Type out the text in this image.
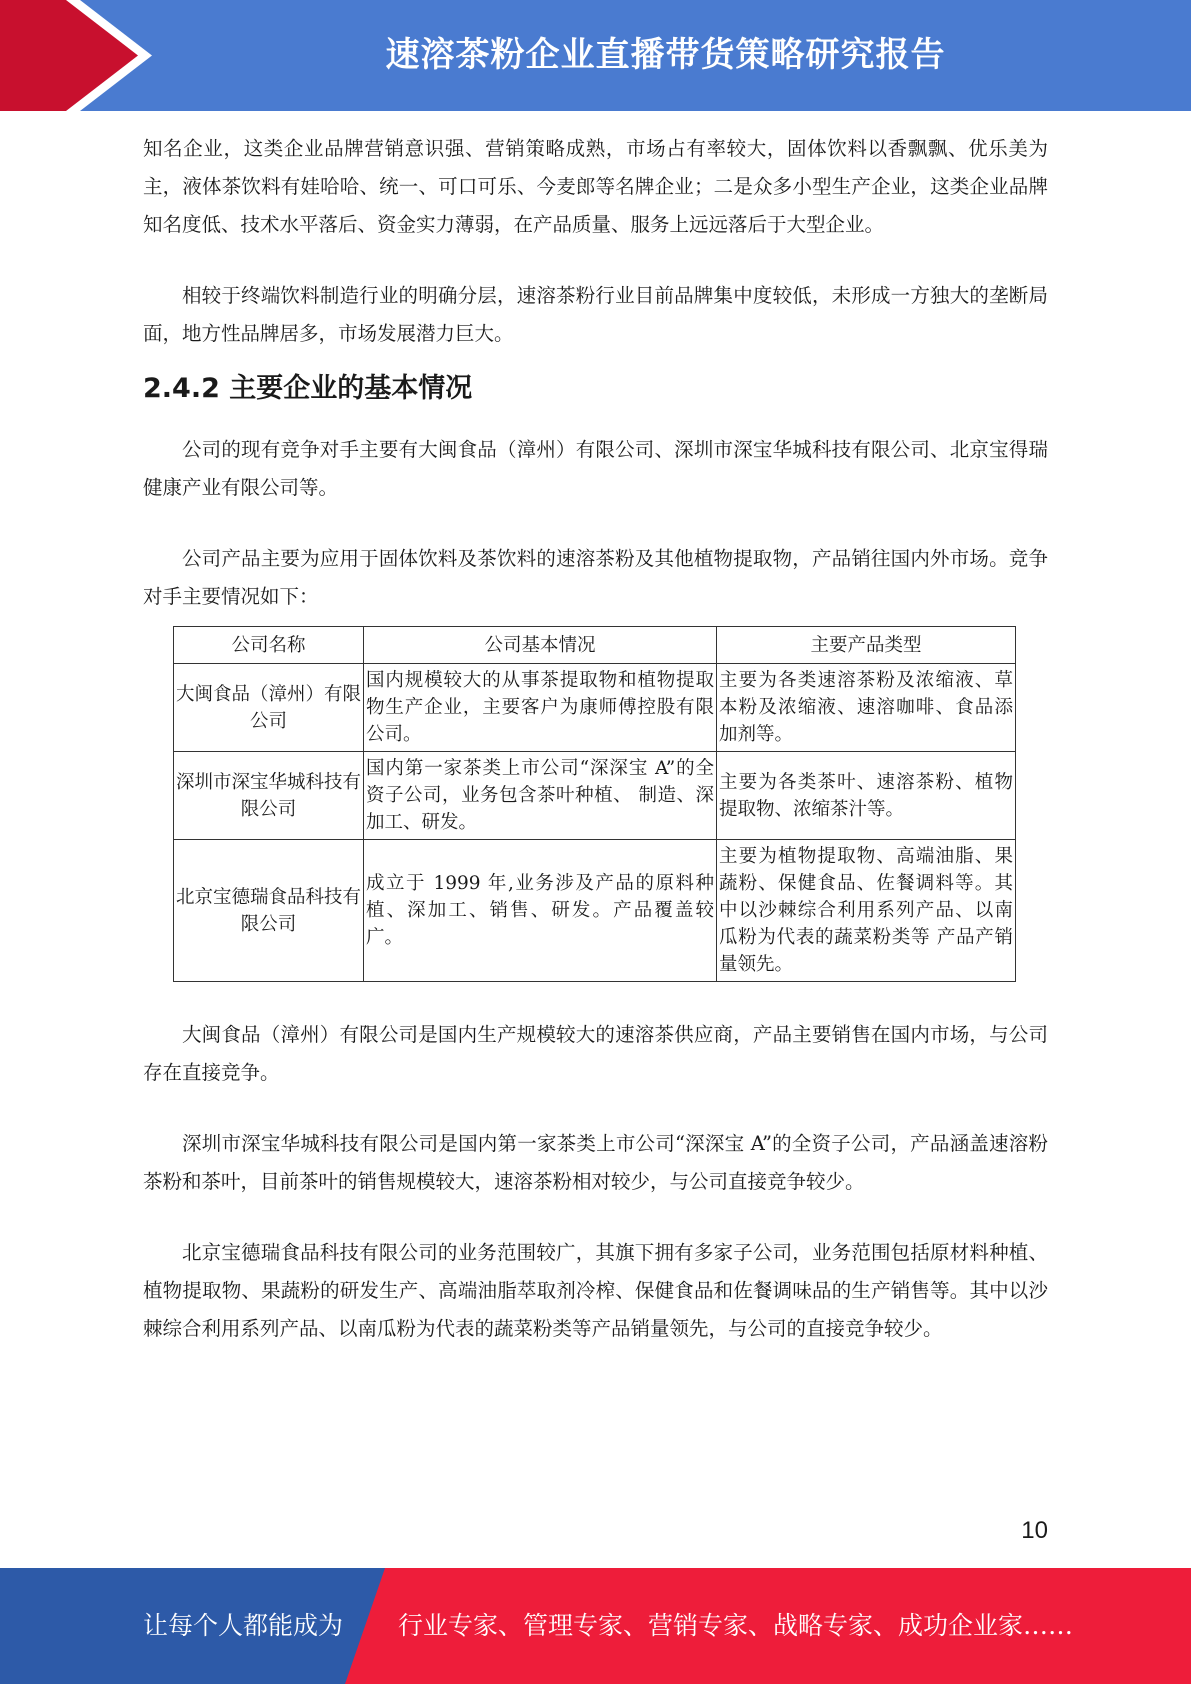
速溶茶粉企业直播带货策略研究报告

知名企业，这类企业品牌营销意识强、营销策略成熟，市场占有率较大，固体饮料以香飘飘、优乐美为主，液体茶饮料有娃哈哈、统一、可口可乐、今麦郎等名牌企业；二是众多小型生产企业，这类企业品牌知名度低、技术水平落后、资金实力薄弱，在产品质量、服务上远远落后于大型企业。

相较于终端饮料制造行业的明确分层，速溶茶粉行业目前品牌集中度较低，未形成一方独大的垄断局面，地方性品牌居多，市场发展潜力巨大。

2.4.2 主要企业的基本情况

公司的现有竞争对手主要有大闽食品（漳州）有限公司、深圳市深宝华城科技有限公司、北京宝得瑞健康产业有限公司等。

公司产品主要为应用于固体饮料及茶饮料的速溶茶粉及其他植物提取物，产品销往国内外市场。竞争对手主要情况如下：

公司名称	公司基本情况	主要产品类型
大闽食品（漳州）有限公司	国内规模较大的从事茶提取物和植物提取物生产企业，主要客户为康师傅控股有限公司。	主要为各类速溶茶粉及浓缩液、草本粉及浓缩液、速溶咖啡、食品添加剂等。
深圳市深宝华城科技有限公司	国内第一家茶类上市公司“深深宝 A”的全资子公司，业务包含茶叶种植、 制造、深加工、研发。	主要为各类茶叶、速溶茶粉、植物提取物、浓缩茶汁等。
北京宝德瑞食品科技有限公司	成立于 1999 年,业务涉及产品的原料种植、深加工、销售、研发。产品覆盖较广。	主要为植物提取物、高端油脂、果蔬粉、保健食品、佐餐调料等。其中以沙棘综合利用系列产品、以南瓜粉为代表的蔬菜粉类等 产品产销量领先。

大闽食品（漳州）有限公司是国内生产规模较大的速溶茶供应商，产品主要销售在国内市场，与公司存在直接竞争。

深圳市深宝华城科技有限公司是国内第一家茶类上市公司“深深宝 A”的全资子公司，产品涵盖速溶粉茶粉和茶叶，目前茶叶的销售规模较大，速溶茶粉相对较少，与公司直接竞争较少。

北京宝德瑞食品科技有限公司的业务范围较广，其旗下拥有多家子公司，业务范围包括原材料种植、植物提取物、果蔬粉的研发生产、高端油脂萃取剂冷榨、保健食品和佐餐调味品的生产销售等。其中以沙棘综合利用系列产品、以南瓜粉为代表的蔬菜粉类等产品销量领先，与公司的直接竞争较少。

10
让每个人都能成为 行业专家、管理专家、营销专家、战略专家、成功企业家……
